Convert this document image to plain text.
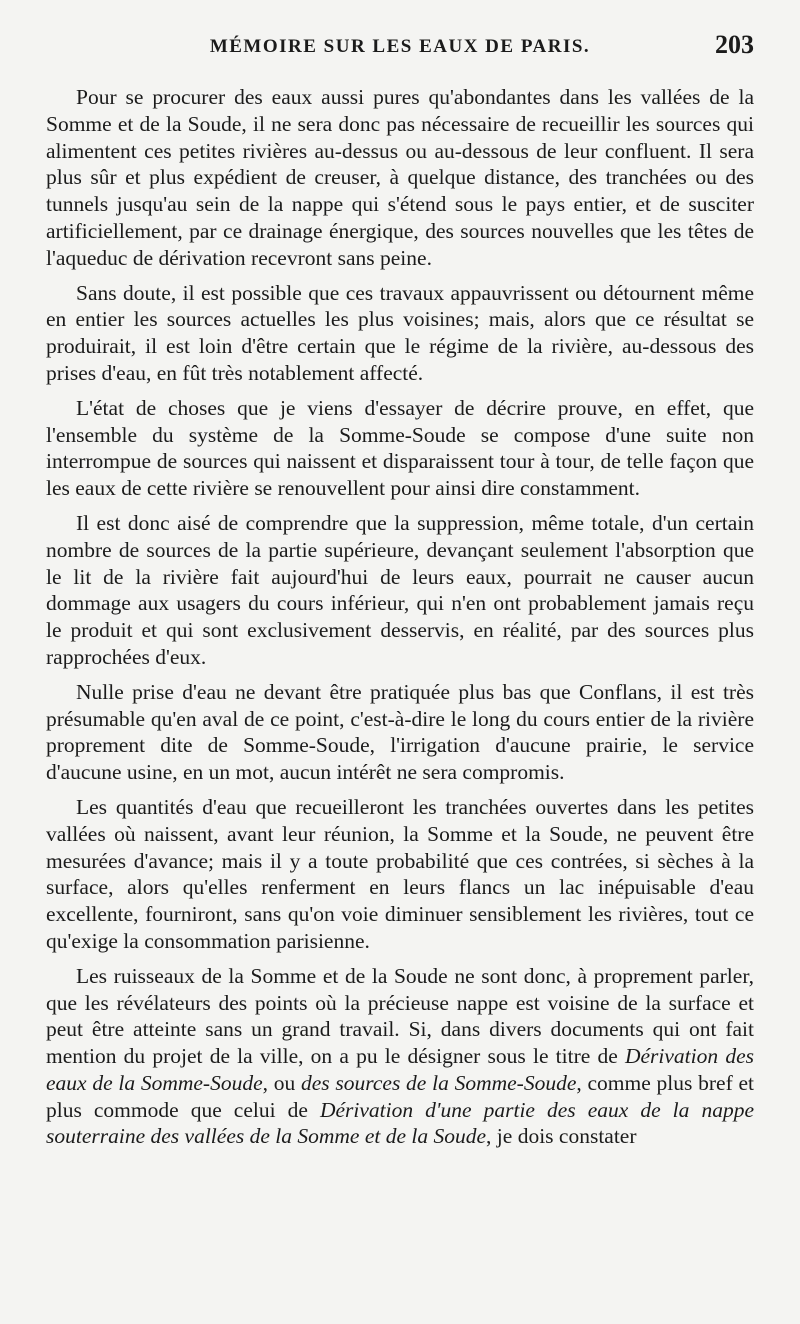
MÉMOIRE SUR LES EAUX DE PARIS.	203

Pour se procurer des eaux aussi pures qu'abondantes dans les vallées de la Somme et de la Soude, il ne sera donc pas nécessaire de recueillir les sources qui alimentent ces petites rivières au-dessus ou au-dessous de leur confluent. Il sera plus sûr et plus expédient de creuser, à quelque distance, des tranchées ou des tunnels jusqu'au sein de la nappe qui s'étend sous le pays entier, et de susciter artificiellement, par ce drainage énergique, des sources nouvelles que les têtes de l'aqueduc de dérivation recevront sans peine.

Sans doute, il est possible que ces travaux appauvrissent ou détournent même en entier les sources actuelles les plus voisines; mais, alors que ce résultat se produirait, il est loin d'être certain que le régime de la rivière, au-dessous des prises d'eau, en fût très notablement affecté.

L'état de choses que je viens d'essayer de décrire prouve, en effet, que l'ensemble du système de la Somme-Soude se compose d'une suite non interrompue de sources qui naissent et disparaissent tour à tour, de telle façon que les eaux de cette rivière se renouvellent pour ainsi dire constamment.

Il est donc aisé de comprendre que la suppression, même totale, d'un certain nombre de sources de la partie supérieure, devançant seulement l'absorption que le lit de la rivière fait aujourd'hui de leurs eaux, pourrait ne causer aucun dommage aux usagers du cours inférieur, qui n'en ont probablement jamais reçu le produit et qui sont exclusivement desservis, en réalité, par des sources plus rapprochées d'eux.

Nulle prise d'eau ne devant être pratiquée plus bas que Conflans, il est très présumable qu'en aval de ce point, c'est-à-dire le long du cours entier de la rivière proprement dite de Somme-Soude, l'irrigation d'aucune prairie, le service d'aucune usine, en un mot, aucun intérêt ne sera compromis.

Les quantités d'eau que recueilleront les tranchées ouvertes dans les petites vallées où naissent, avant leur réunion, la Somme et la Soude, ne peuvent être mesurées d'avance; mais il y a toute probabilité que ces contrées, si sèches à la surface, alors qu'elles renferment en leurs flancs un lac inépuisable d'eau excellente, fourniront, sans qu'on voie diminuer sensiblement les rivières, tout ce qu'exige la consommation parisienne.

Les ruisseaux de la Somme et de la Soude ne sont donc, à proprement parler, que les révélateurs des points où la précieuse nappe est voisine de la surface et peut être atteinte sans un grand travail. Si, dans divers documents qui ont fait mention du projet de la ville, on a pu le désigner sous le titre de Dérivation des eaux de la Somme-Soude, ou des sources de la Somme-Soude, comme plus bref et plus commode que celui de Dérivation d'une partie des eaux de la nappe souterraine des vallées de la Somme et de la Soude, je dois constater
